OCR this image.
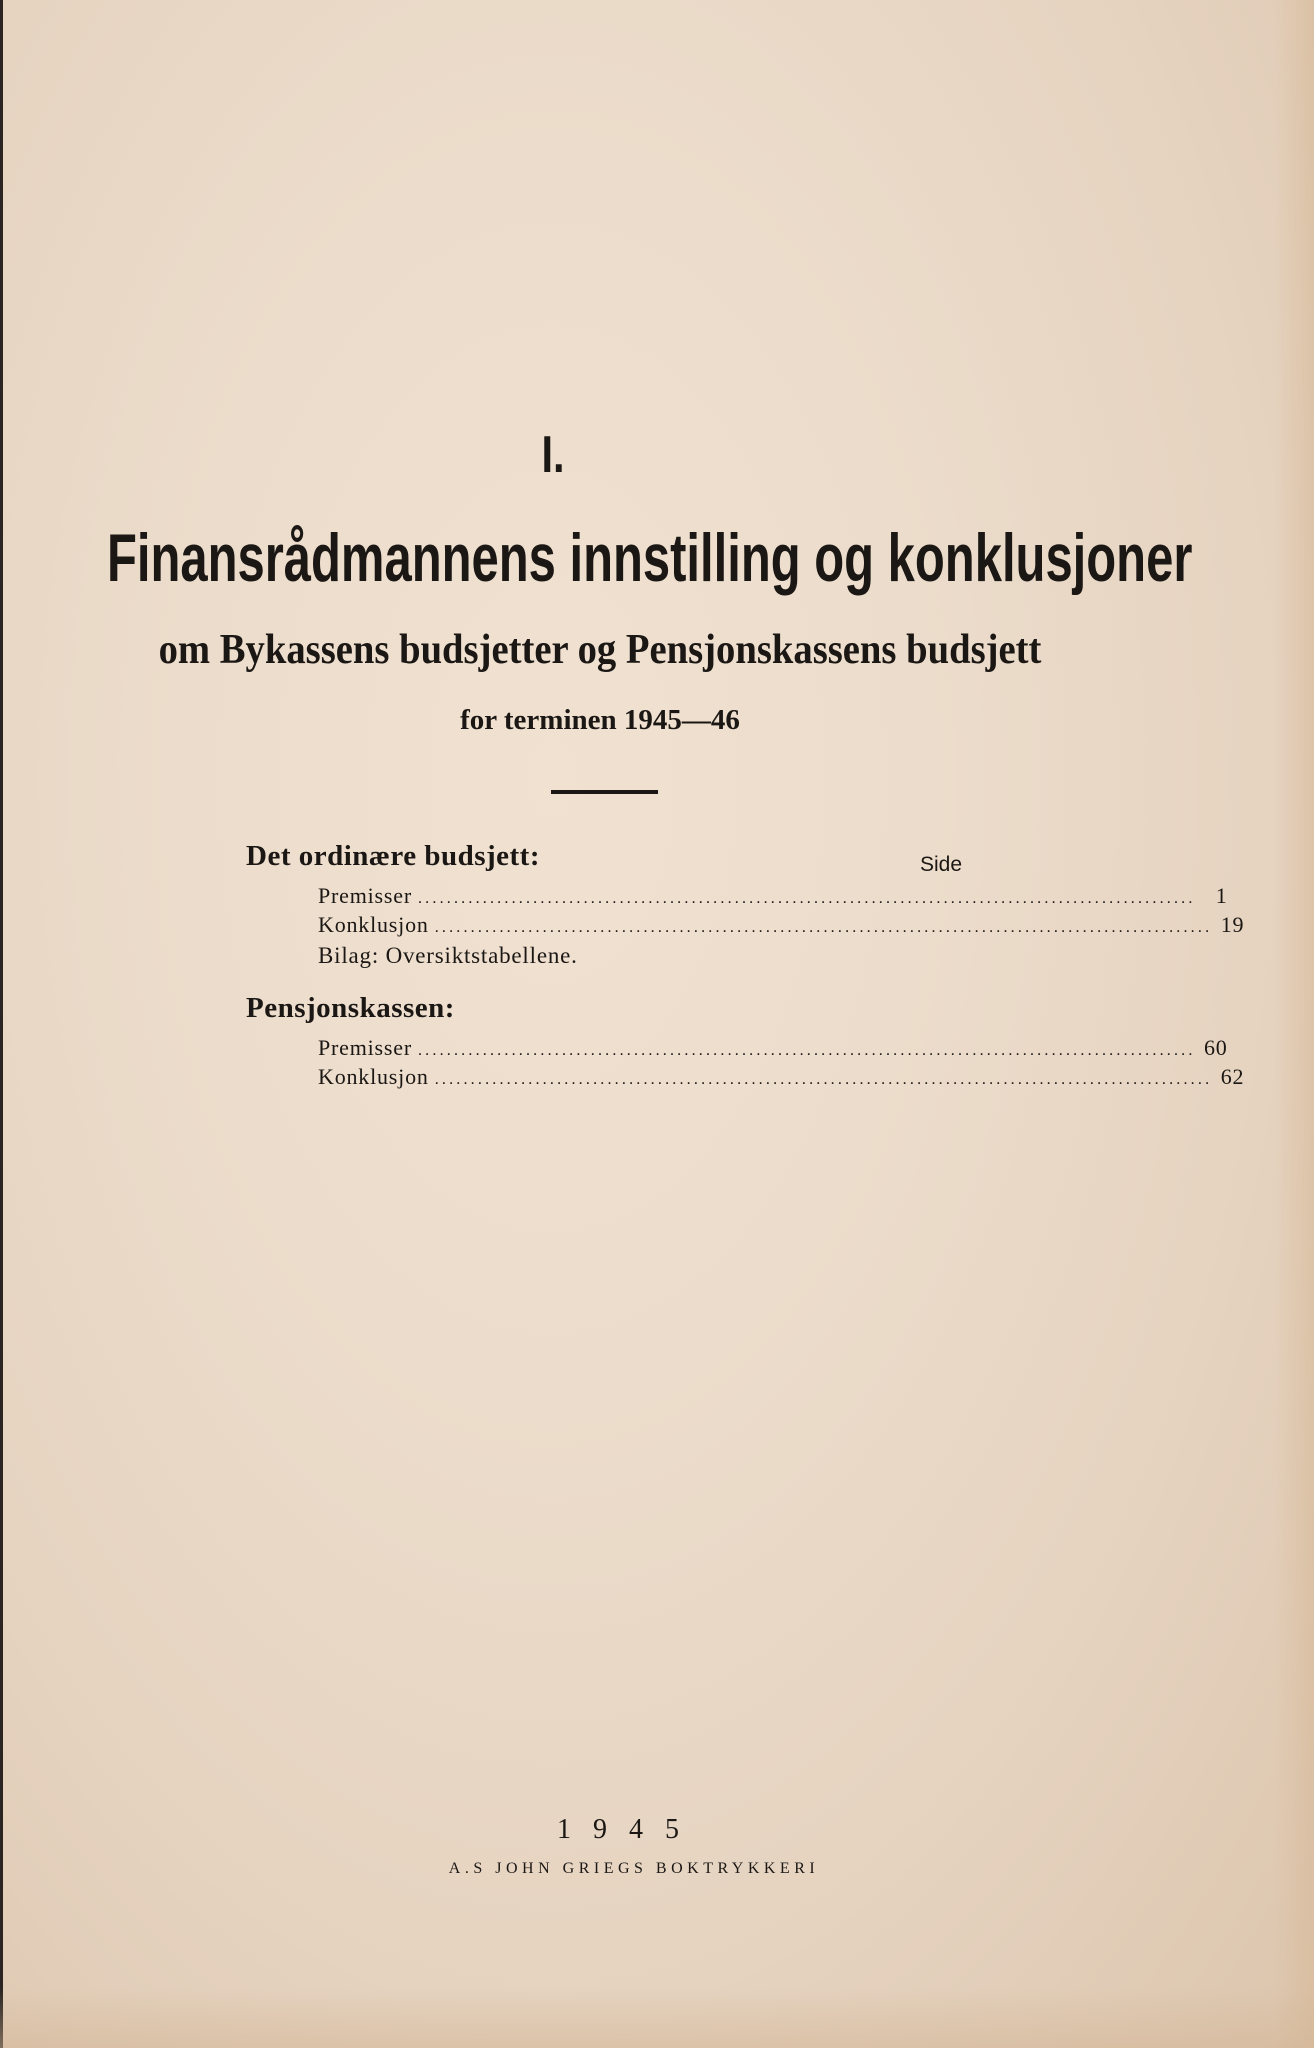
I.
Finansrådmannens innstilling og konklusjoner
om Bykassens budsjetter og Pensjonskassens budsjett
for terminen 1945—46
Det ordinære budsjett:	Side
Premisser ............................................................................................................ 1
Konklusjon ............................................................................................................ 19
Bilag: Oversiktstabellene.
Pensjonskassen:
Premisser ............................................................................................................ 60
Konklusjon ............................................................................................................ 62
1945
A.S JOHN GRIEGS BOKTRYKKERI
